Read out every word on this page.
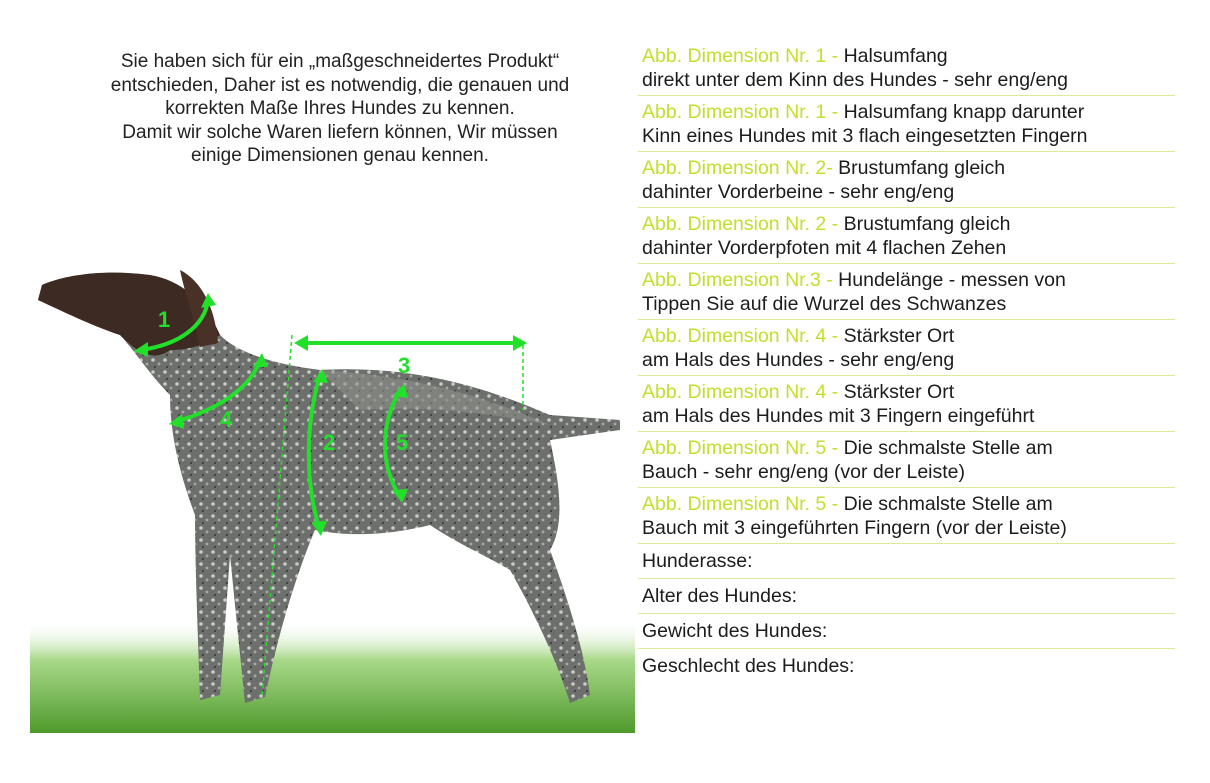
Sie haben sich für ein „maßgeschneidertes Produkt“

entschieden, Daher ist es notwendig, die genauen und

korrekten Maße Ihres Hundes zu kennen.

Damit wir solche Waren liefern können, Wir müssen

einige Dimensionen genau kennen.

1
2
3
4
5
Abb. Dimension Nr. 1 - Halsumfang
direkt unter dem Kinn des Hundes - sehr eng/eng
Abb. Dimension Nr. 1 - Halsumfang knapp darunter
Kinn eines Hundes mit 3 flach eingesetzten Fingern
Abb. Dimension Nr. 2- Brustumfang gleich
dahinter Vorderbeine - sehr eng/eng
Abb. Dimension Nr. 2 - Brustumfang gleich
dahinter Vorderpfoten mit 4 flachen Zehen
Abb. Dimension Nr.3 - Hundelänge - messen von
Tippen Sie auf die Wurzel des Schwanzes
Abb. Dimension Nr. 4 - Stärkster Ort
am Hals des Hundes - sehr eng/eng
Abb. Dimension Nr. 4 - Stärkster Ort
am Hals des Hundes mit 3 Fingern eingeführt
Abb. Dimension Nr. 5 - Die schmalste Stelle am
Bauch - sehr eng/eng (vor der Leiste)
Abb. Dimension Nr. 5 - Die schmalste Stelle am
Bauch mit 3 eingeführten Fingern (vor der Leiste)
Hunderasse:
Alter des Hundes:
Gewicht des Hundes:
Geschlecht des Hundes:
